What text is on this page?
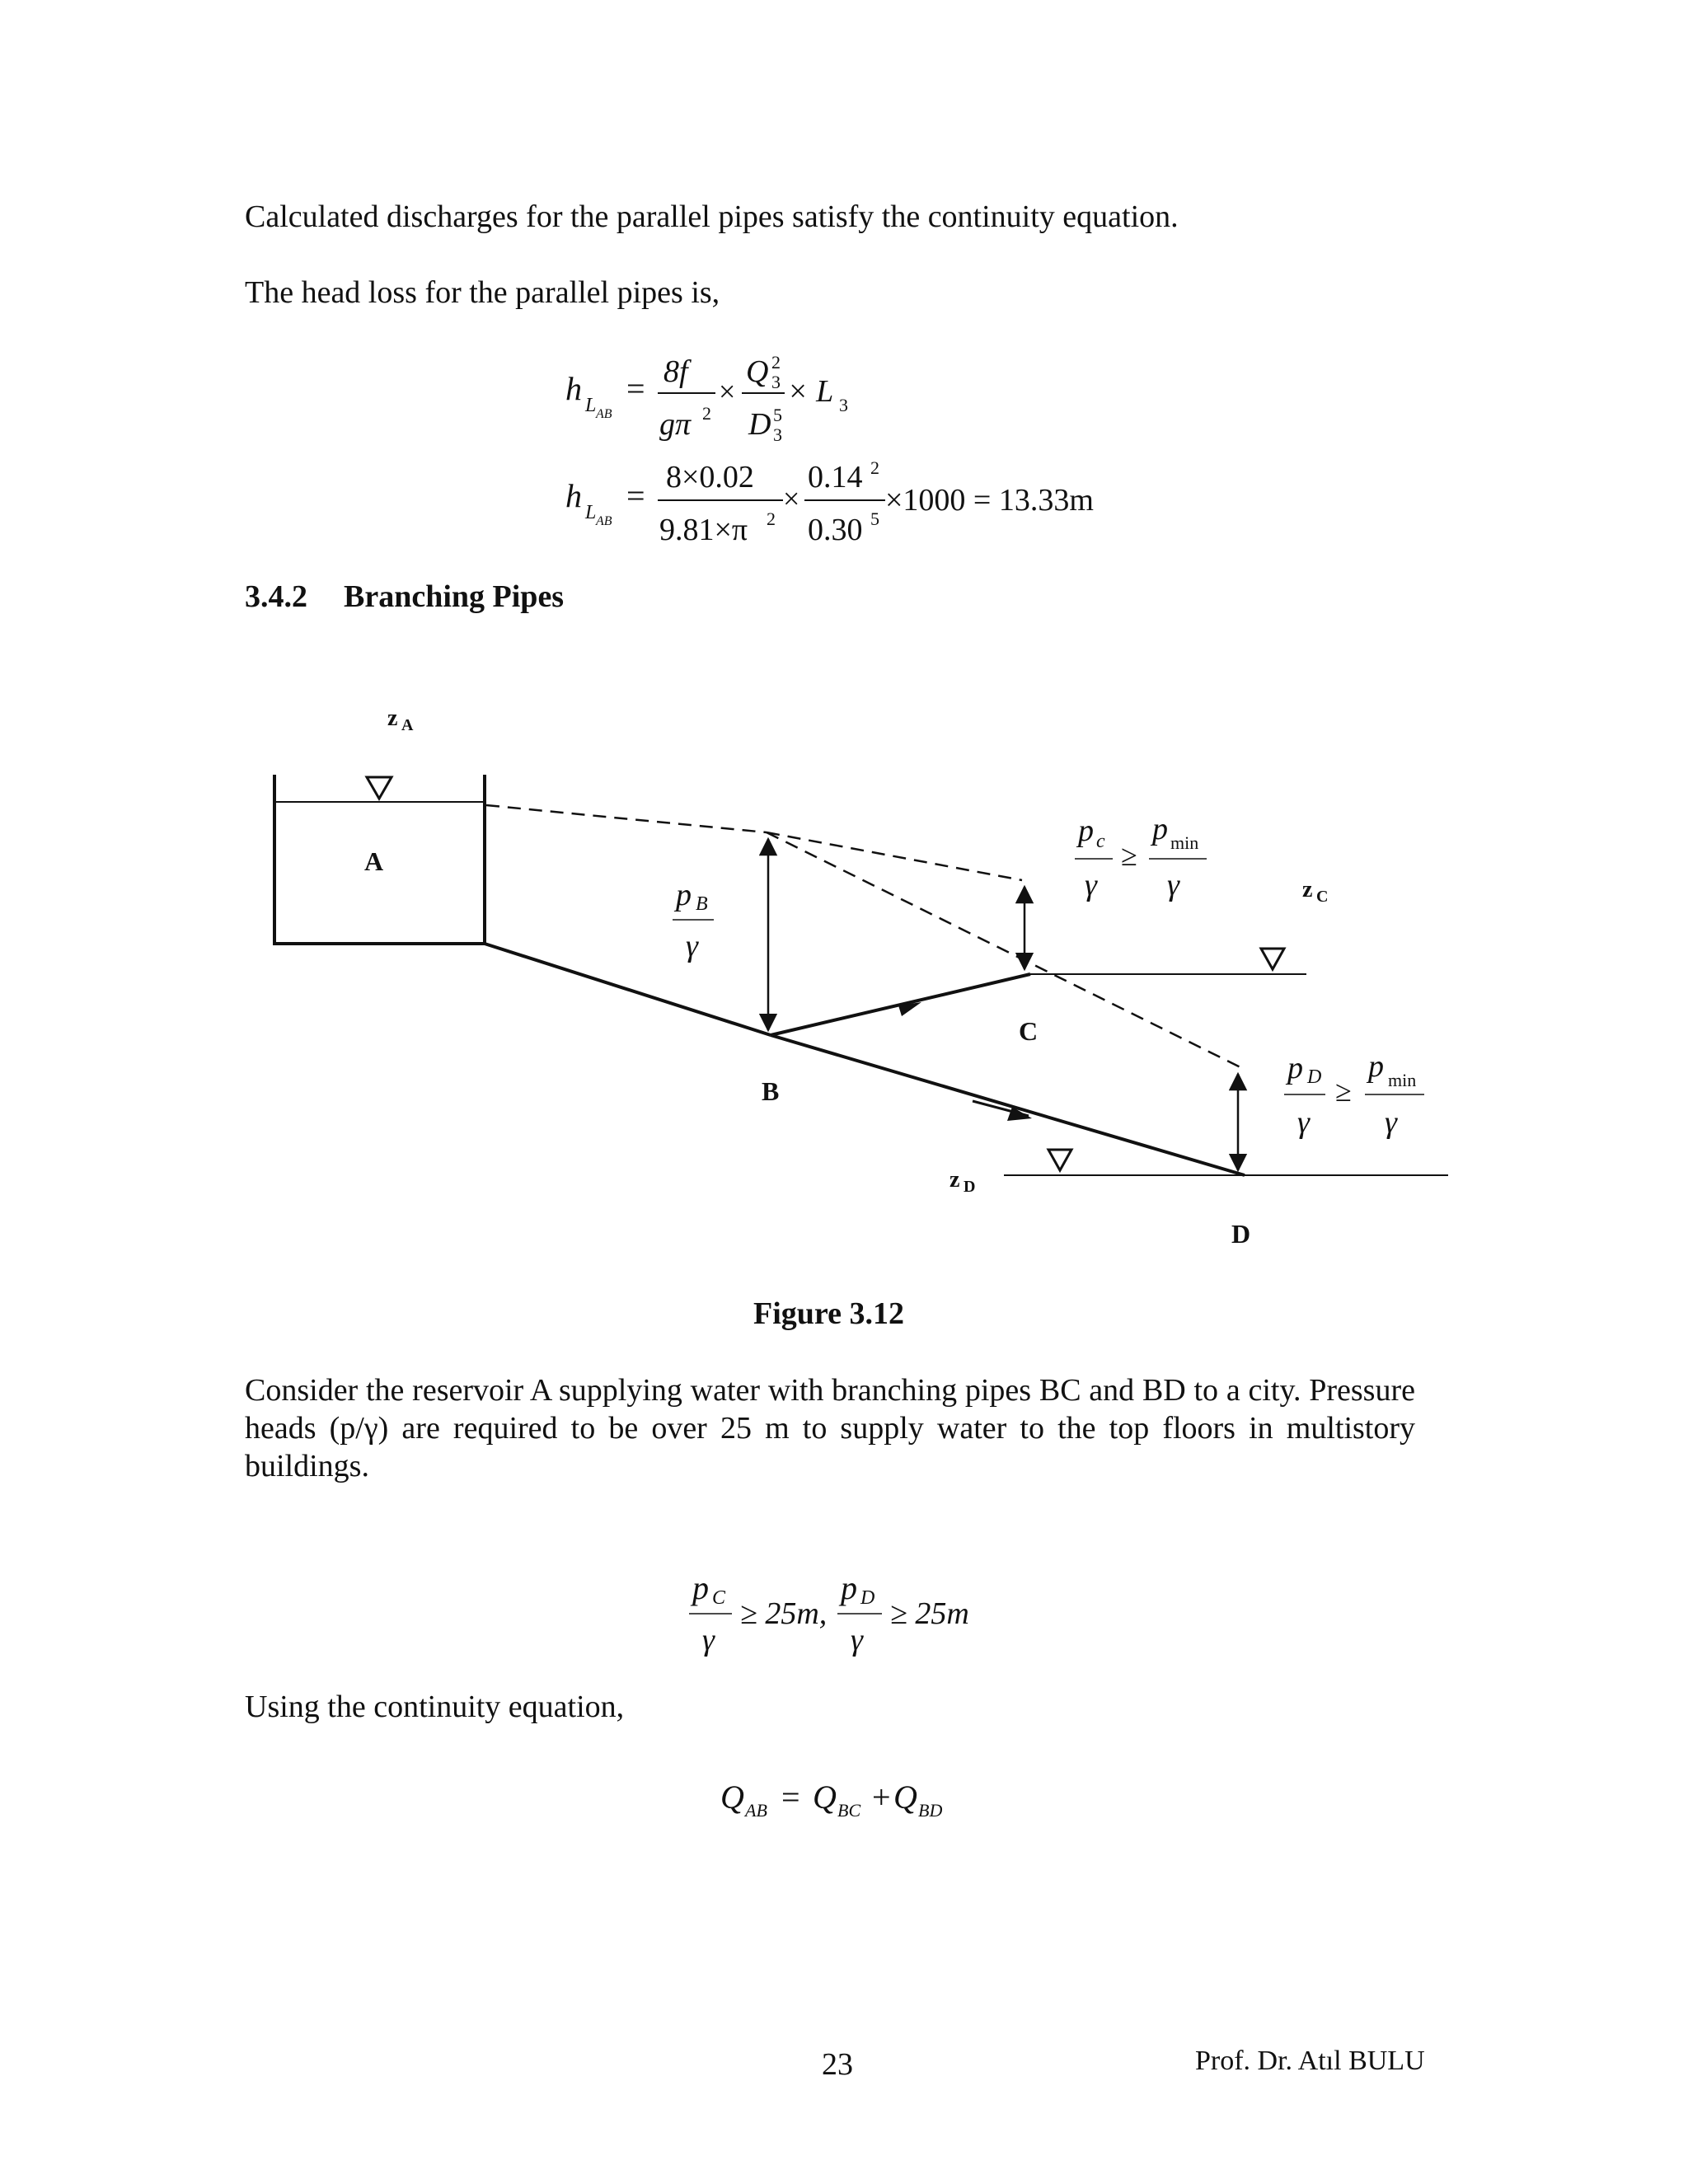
Calculated discharges for the parallel pipes satisfy the continuity equation.

The head loss for the parallel pipes is,

h L AB
= 8f
gπ 2
×
Q 2
3
D 5
3
× L 3
h L AB
= 8×0.02
9.81×π 2
×
0.14 2
0.30 5
×1000 = 13.33m

3.4.2 Branching Pipes

z A
A
p B
γ
p c
γ
≥
p min
γ	z C
C
B
p D
γ
≥
p min
γ
z D
D

Figure 3.12

Consider the reservoir A supplying water with branching pipes BC and BD to a city. Pressure heads (p/γ) are required to be over 25 m to supply water to the top floors in multistory buildings.

p C
γ
≥ 25m,
p D
γ
≥ 25m

Using the continuity equation,

Q AB = Q BC + Q BD

23	Prof. Dr. Atıl BULU
